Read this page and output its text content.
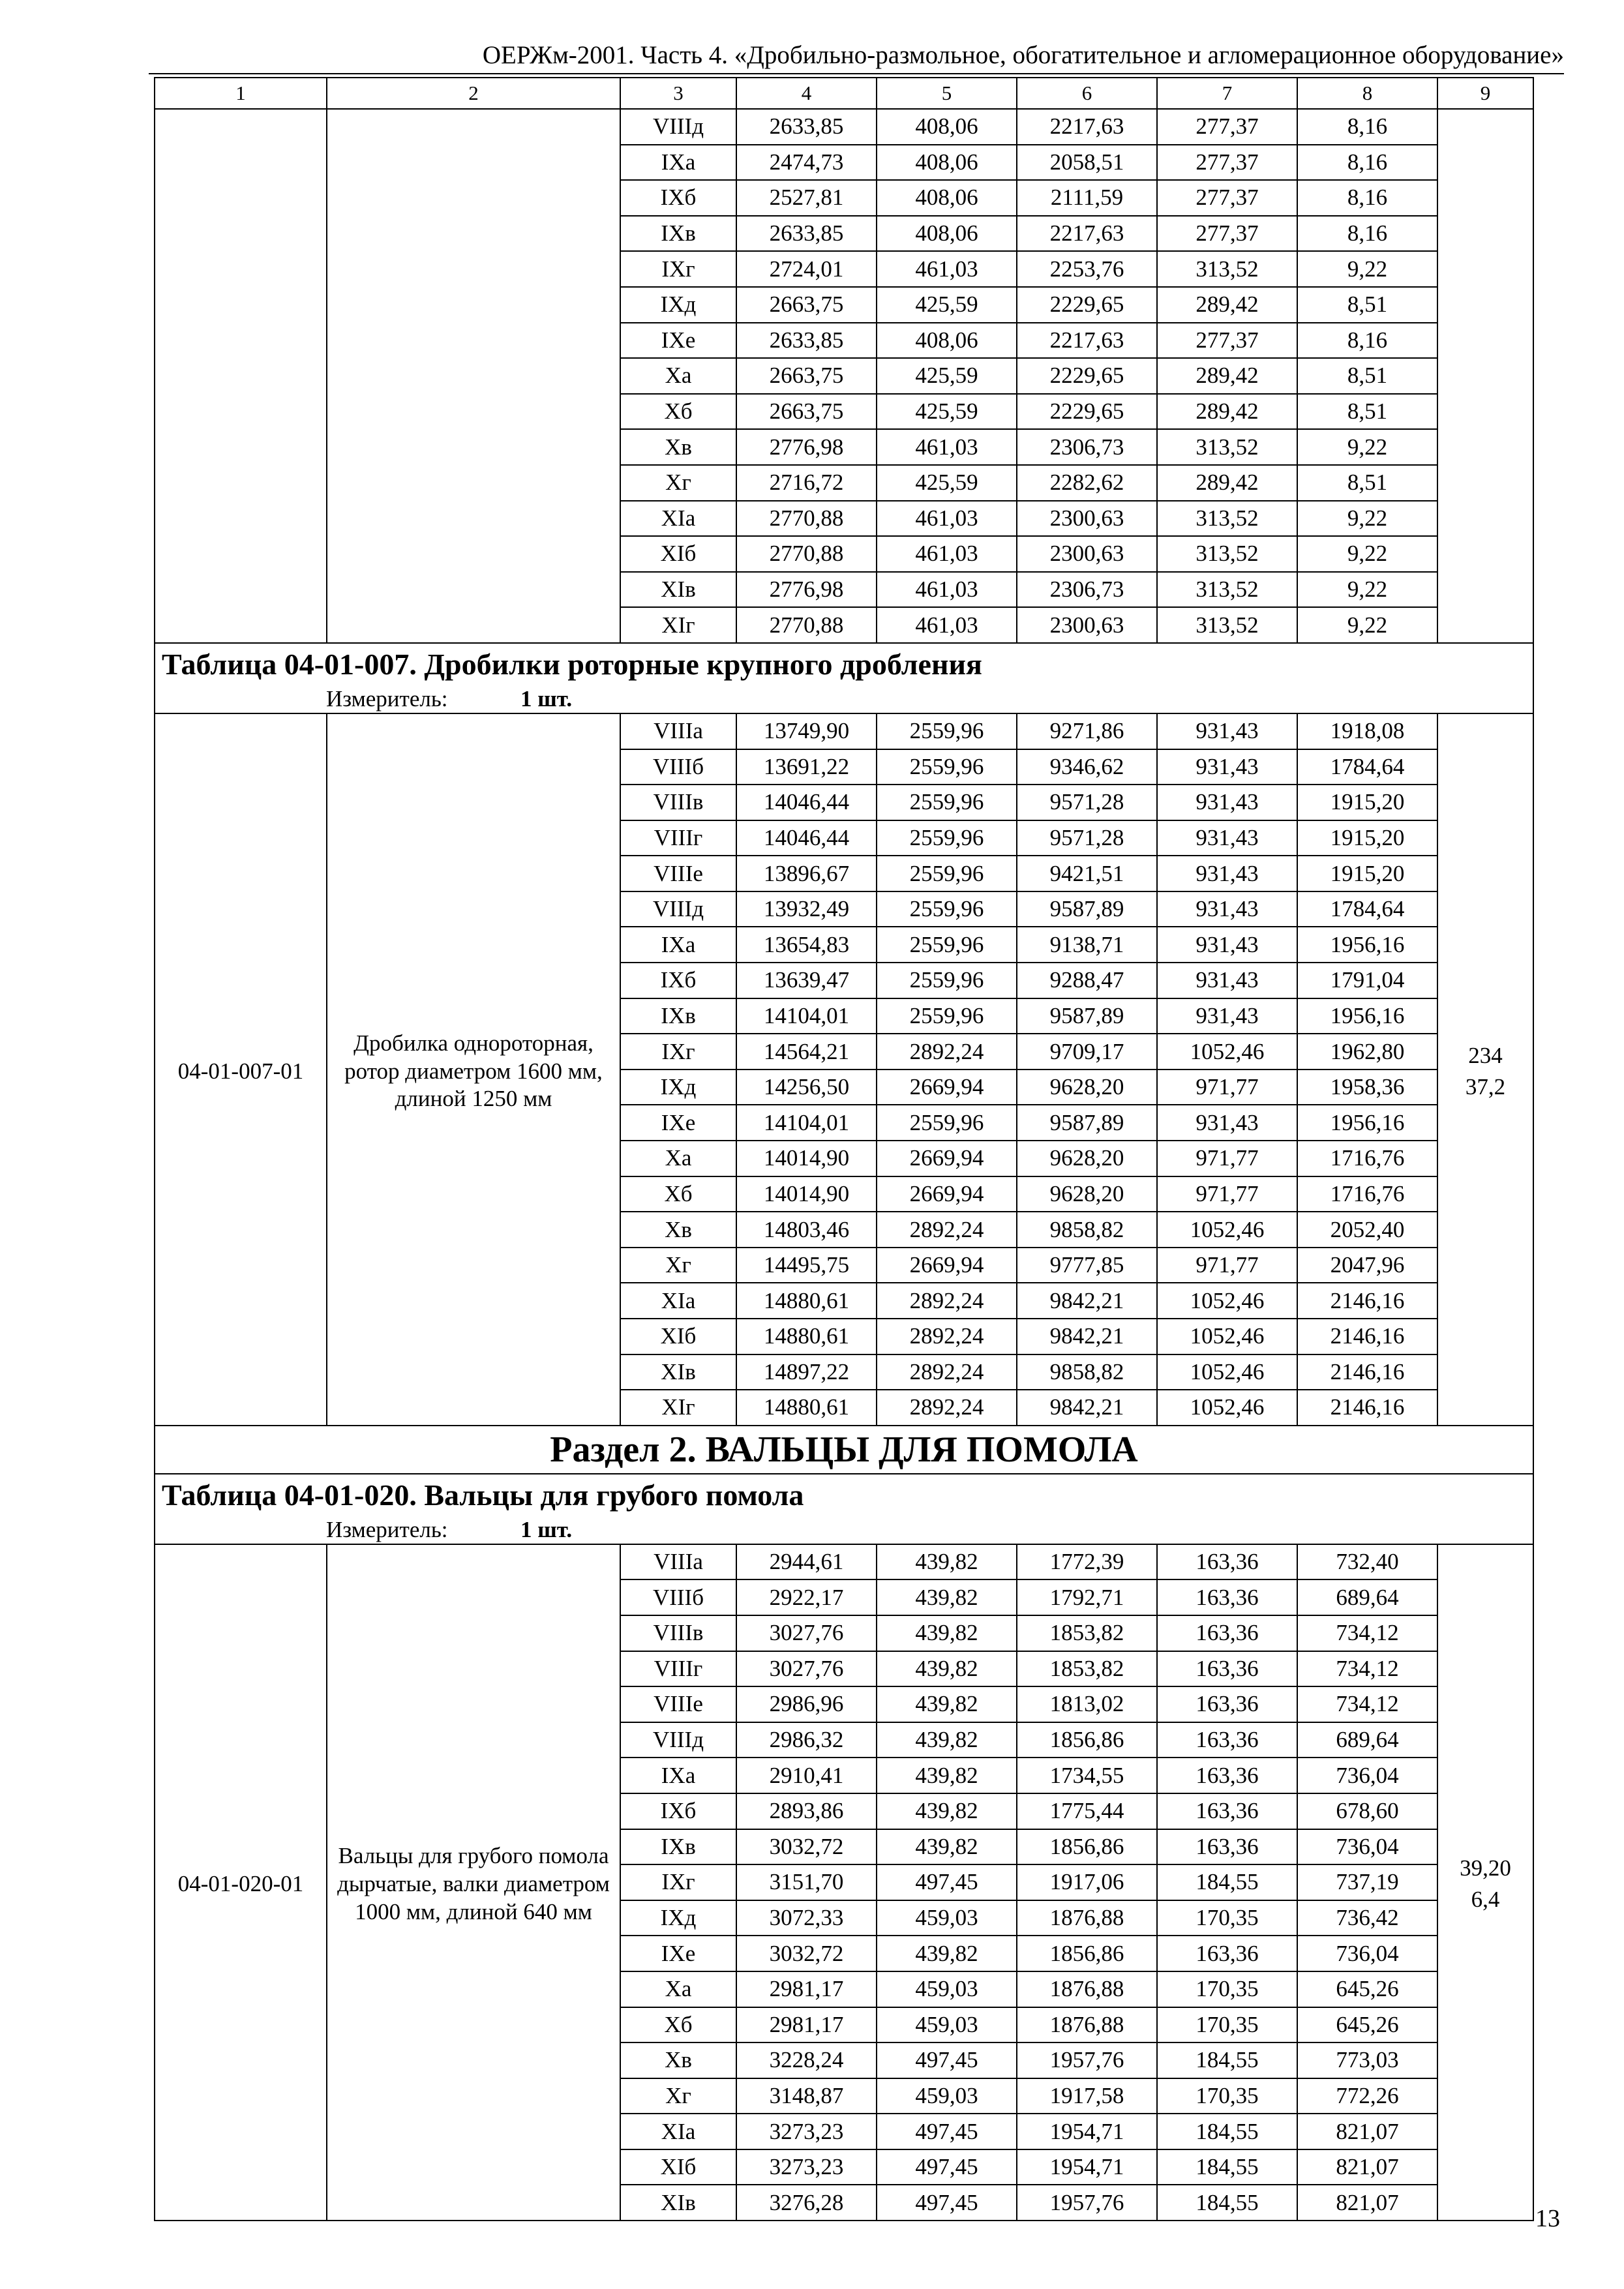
ОЕРЖм-2001. Часть 4. «Дробильно-размольное, обогатительное и агломерационное оборудование»
1	2	3	4	5	6	7	8	9
		VIIIд	2633,85	408,06	2217,63	277,37	8,16	
		IXа	2474,73	408,06	2058,51	277,37	8,16	
		IXб	2527,81	408,06	2111,59	277,37	8,16	
		IXв	2633,85	408,06	2217,63	277,37	8,16	
		IXг	2724,01	461,03	2253,76	313,52	9,22	
		IXд	2663,75	425,59	2229,65	289,42	8,51	
		IXе	2633,85	408,06	2217,63	277,37	8,16	
		Xа	2663,75	425,59	2229,65	289,42	8,51	
		Xб	2663,75	425,59	2229,65	289,42	8,51	
		Xв	2776,98	461,03	2306,73	313,52	9,22	
		Xг	2716,72	425,59	2282,62	289,42	8,51	
		XIа	2770,88	461,03	2300,63	313,52	9,22	
		XIб	2770,88	461,03	2300,63	313,52	9,22	
		XIв	2776,98	461,03	2306,73	313,52	9,22	
		XIг	2770,88	461,03	2300,63	313,52	9,22	
Таблица 04-01-007. Дробилки роторные крупного дробления								
Измеритель: 1 шт.								
04-01-007-01	Дробилка однороторная, ротор диаметром 1600 мм, длиной 1250 мм	VIIIа	13749,90	2559,96	9271,86	931,43	1918,08	234
37,2

		VIIIб	13691,22	2559,96	9346,62	931,43	1784,64	
		VIIIв	14046,44	2559,96	9571,28	931,43	1915,20	
		VIIIг	14046,44	2559,96	9571,28	931,43	1915,20	
		VIIIе	13896,67	2559,96	9421,51	931,43	1915,20	
		VIIIд	13932,49	2559,96	9587,89	931,43	1784,64	
		IXа	13654,83	2559,96	9138,71	931,43	1956,16	
		IXб	13639,47	2559,96	9288,47	931,43	1791,04	
		IXв	14104,01	2559,96	9587,89	931,43	1956,16	
		IXг	14564,21	2892,24	9709,17	1052,46	1962,80	
		IXд	14256,50	2669,94	9628,20	971,77	1958,36	
		IXе	14104,01	2559,96	9587,89	931,43	1956,16	
		Xа	14014,90	2669,94	9628,20	971,77	1716,76	
		Xб	14014,90	2669,94	9628,20	971,77	1716,76	
		Xв	14803,46	2892,24	9858,82	1052,46	2052,40	
		Xг	14495,75	2669,94	9777,85	971,77	2047,96	
		XIа	14880,61	2892,24	9842,21	1052,46	2146,16	
		XIб	14880,61	2892,24	9842,21	1052,46	2146,16	
		XIв	14897,22	2892,24	9858,82	1052,46	2146,16	
		XIг	14880,61	2892,24	9842,21	1052,46	2146,16	
Раздел 2. ВАЛЬЦЫ ДЛЯ ПОМОЛА								
Таблица 04-01-020. Вальцы для грубого помола								
Измеритель: 1 шт.								
04-01-020-01	Вальцы для грубого помола дырчатые, валки диаметром 1000 мм, длиной 640 мм	VIIIа	2944,61	439,82	1772,39	163,36	732,40	39,20
6,4

		VIIIб	2922,17	439,82	1792,71	163,36	689,64	
		VIIIв	3027,76	439,82	1853,82	163,36	734,12	
		VIIIг	3027,76	439,82	1853,82	163,36	734,12	
		VIIIе	2986,96	439,82	1813,02	163,36	734,12	
		VIIIд	2986,32	439,82	1856,86	163,36	689,64	
		IXа	2910,41	439,82	1734,55	163,36	736,04	
		IXб	2893,86	439,82	1775,44	163,36	678,60	
		IXв	3032,72	439,82	1856,86	163,36	736,04	
		IXг	3151,70	497,45	1917,06	184,55	737,19	
		IXд	3072,33	459,03	1876,88	170,35	736,42	
		IXе	3032,72	439,82	1856,86	163,36	736,04	
		Xа	2981,17	459,03	1876,88	170,35	645,26	
		Xб	2981,17	459,03	1876,88	170,35	645,26	
		Xв	3228,24	497,45	1957,76	184,55	773,03	
		Xг	3148,87	459,03	1917,58	170,35	772,26	
		XIа	3273,23	497,45	1954,71	184,55	821,07	
		XIб	3273,23	497,45	1954,71	184,55	821,07	
		XIв	3276,28	497,45	1957,76	184,55	821,07	
13
